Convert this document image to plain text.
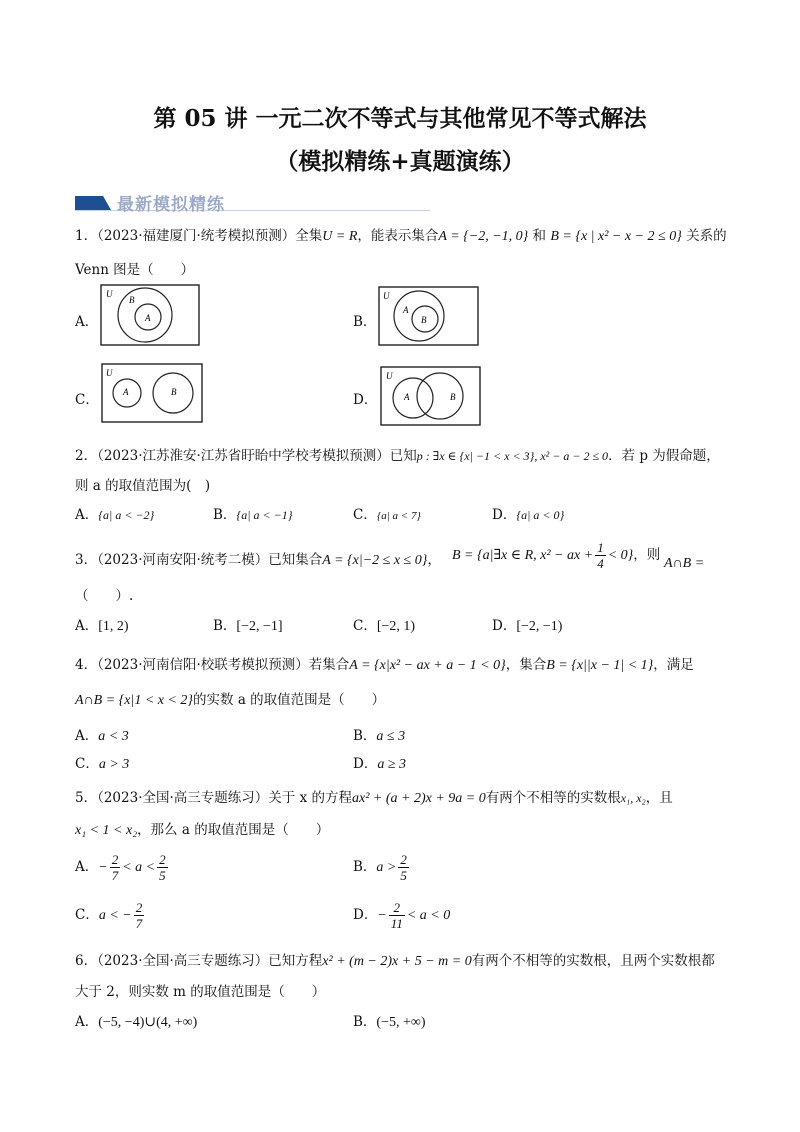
第 05 讲 一元二次不等式与其他常见不等式解法
（模拟精练+真题演练）
最新模拟精练
1．（2023·福建厦门·统考模拟预测）全集U = R，能表示集合A = {−2, −1, 0} 和 B = {x | x² − x − 2 ≤ 0} 关系的
Venn 图是（　　）
A．	B．
C．	D．
U
B
A
U
A
B
U
A	B
U
A	B
2．（2023·江苏淮安·江苏省盱眙中学校考模拟预测）已知p : ∃x ∈ {x| −1 < x < 3}, x² − a − 2 ≤ 0．若 p 为假命题，
则 a 的取值范围为(　)
A．{a| a < −2}	B．{a| a < −1}	C．{a| a < 7}	D．{a| a < 0}
3．（2023·河南安阳·统考二模）已知集合A = {x|−2 ≤ x ≤ 0}， B = {a|∃x ∈ R, x² − ax + $\frac{1}{4} < 0$}，则
A∩B =
（　　）.
A．[1, 2)	B．[−2, −1]	C．[−2, 1)	D．[−2, −1)
4．（2023·河南信阳·校联考模拟预测）若集合A = {x|x² − ax + a − 1 < 0}，集合B = {x||x − 1| < 1}，满足
A∩B = {x|1 < x < 2}的实数 a 的取值范围是（　　）
A．a < 3	B．a ≤ 3
C．a > 3	D．a ≥ 3
5．（2023·全国·高三专题练习）关于 x 的方程ax² + (a + 2)x + 9a = 0有两个不相等的实数根x₁, x₂，且
x₁ < 1 < x₂，那么 a 的取值范围是（　　）
A．− $\frac{2}{7} < a < \frac{2}{5}$	B．$a > \frac{2}{5}$
C．a < − $\frac{2}{7}$	D．− $\frac{2}{11} < a < 0$
6．（2023·全国·高三专题练习）已知方程x² + (m − 2)x + 5 − m = 0有两个不相等的实数根，且两个实数根都
大于 2，则实数 m 的取值范围是（　　）
A．(−5, −4)∪(4, +∞)	B．(−5, +∞)
